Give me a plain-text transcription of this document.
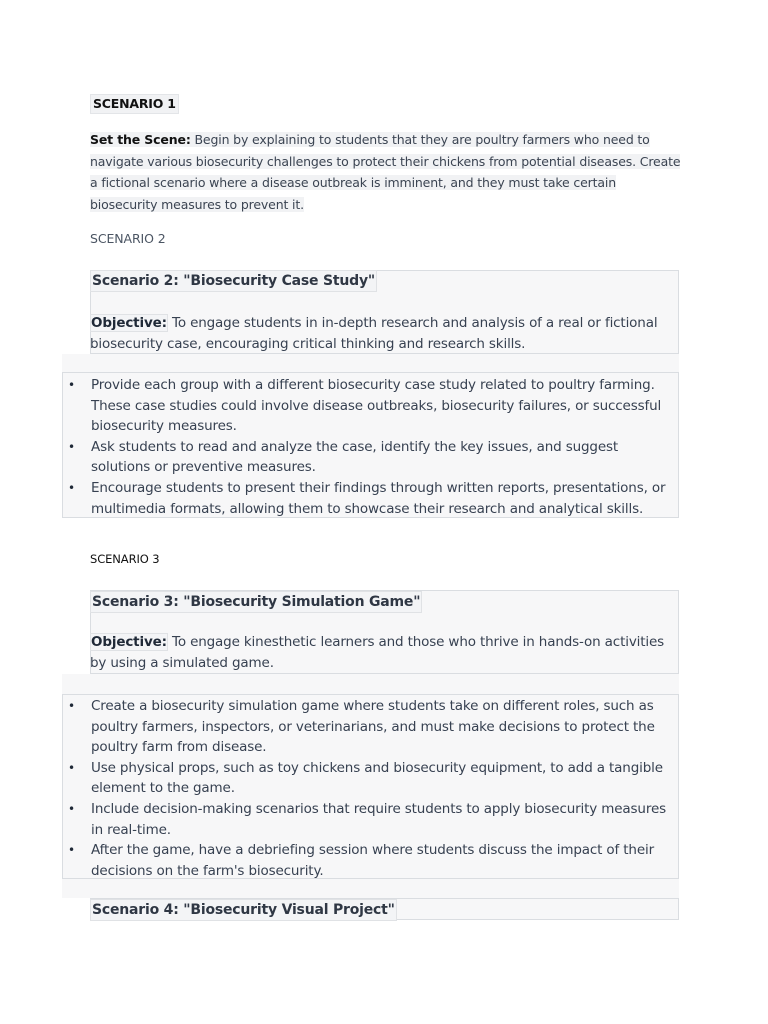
SCENARIO 1
Set the Scene: Begin by explaining to students that they are poultry farmers who need to navigate various biosecurity challenges to protect their chickens from potential diseases. Create a fictional scenario where a disease outbreak is imminent, and they must take certain biosecurity measures to prevent it.
SCENARIO 2
Scenario 2: "Biosecurity Case Study"
Objective: To engage students in in-depth research and analysis of a real or fictional biosecurity case, encouraging critical thinking and research skills.
• Provide each group with a different biosecurity case study related to poultry farming. These case studies could involve disease outbreaks, biosecurity failures, or successful biosecurity measures.
• Ask students to read and analyze the case, identify the key issues, and suggest solutions or preventive measures.
• Encourage students to present their findings through written reports, presentations, or multimedia formats, allowing them to showcase their research and analytical skills.
SCENARIO 3
Scenario 3: "Biosecurity Simulation Game"
Objective: To engage kinesthetic learners and those who thrive in hands-on activities by using a simulated game.
• Create a biosecurity simulation game where students take on different roles, such as poultry farmers, inspectors, or veterinarians, and must make decisions to protect the poultry farm from disease.
• Use physical props, such as toy chickens and biosecurity equipment, to add a tangible element to the game.
• Include decision-making scenarios that require students to apply biosecurity measures in real-time.
• After the game, have a debriefing session where students discuss the impact of their decisions on the farm's biosecurity.
Scenario 4: "Biosecurity Visual Project"
